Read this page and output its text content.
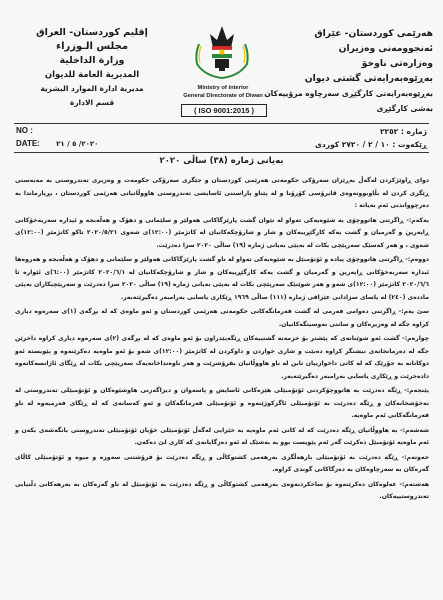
هەرێمی کوردستان- عێراق
ئەنجوومەنی وەزیران
وەزارەتی ناوخۆ
بەڕێوەبەرایەتی گشتی دیوان
بەڕێوەبەرایەتی کارگێڕی سەرچاوە مرۆییەکان
بەشی کارگێڕی
إقليم كوردستان- العراق
مجلس الـوزراء
وزارة الداخلية
المديرية العامة للديوان
مديرية ادارة الموارد البشرية
قسم الادارة
Ministry of interior
General Directorate of Diwan
( ISO 9001:2015 )
NO :
DATE: ٢٠٢٠/ ٥ / ٢١
ژمارە : ٢٢٥٢
ڕێکەوت : ١٠ / ٢ / ٢٧٢٠ کوردی
بەیانی ژمارە (٣٨) ساڵی ٢٠٢٠

دوای ڕاوێژکردن لەگەڵ بەڕێزان سەرۆکی حکومەتی هەرێمی کوردستان و جێگری سەرۆکی حکومەت و وەزیری تەندروستی بە مەبەستی ڕێگری کردن لە بڵاوبوونەوەی ڤایرۆسی کۆرۆنا و لە پێناو پاراستنی ئاسایشی تەندروستی هاووڵاتیانی هەرێمی کوردستان ، بڕیارماندا بە دەرچوواندنی ئەم بەیانە :

یەکەم:- ڕاگرتنی هاتووچۆی بە شێوەیەکی تەواو لە نێوان گشت پارێزگاکانی هەولێر و سلێمانی و دهۆک و هەڵەبجە و ئیدارە سەربەخۆکانی ڕاپەرین و گەرمیان و گشت یەکە کارگێڕییەکان و شار و شارۆچکەکانیان لە کاتژمێر (١٢:٠٠)ی شەوی ٢٠٢٠/٥/٢١ تاکو کاتژمێر (١٢:٠٠)ی شەوی ، و هەر کەسێک سەرپێچی بکات لە بەپێی بەیانی ژمارە (١٩) ساڵی ٢٠٢٠ سزا دەدرێت.

دووەم:- ڕاگرتنی هاتووچۆی پیادە و ئۆتۆمبێل بە شێوەیەکی تەواو لە ناو گشت پارێزگاکانی هەولێر و سلێمانی و دهۆک و هەڵەبجە و هەروەها ئیدارە سەربەخۆکانی ڕاپەرین و گەرمیان و گشت یەکە کارگێڕییەکان و شار و شارۆچکەکانیان لە ٢٠٢٠/٦/١ کاتژمێر (٦:٠٠)ی ئێوارە تا ٢٠٢٠/٦/٦ کاتژمێر (١٢:٠٠)ی شەو و هەر شوێنێک سەرپێچی بکات لە بەپێی بەیانی ژمارە (١٩) ساڵی ٢٠٢٠ سزا دەدرێت و سەرپێچیکاران بەپێی ماددەی (٢٤٠) لە یاسای سزادانی عێراقی ژمارە (١١١) ساڵی ١٩٦٩ ڕێکاری یاسایی بەرامبەر دەگیرێتەبەر.

سێ یەم:- ڕاگرتنی دەوامی فەرمی لە گشت فەرمانگەکانی حکومەتی هەرێمی کوردستان و ئەو ماوەی کە لە بڕگەی (١)ی سەرەوە دیاری کراوە جگە لە وەزیرەکان و سانتی نەوسیتگەکانیان.

چوارەم:- گشت ئەو شوێنانەی کە پێشتر بۆ خزمەتە گشتییەکان ڕێگەپێدراون بۆ ئەو ماوەی کە لە بڕگەی (٢)ی سەرەوە دیاری کراوە داخرێن جگە لە دەرمانخانەی نیشتگر کراوە دەبێت و شاری خواردن و داوکردن لە کاتژمێر (١٢:٠٠)ی شەو بۆ ئەو ماوەیە دەکرێنەوە و پێویستە ئەو دوکانانە بە جۆرێک کە لە کاتی داخوازییان نابن لە ناو هاووڵاتیان بفرۆشرێت و هەر ناوەنداخانەیەک سەرپێچی بکات لە ڕێگای ئاژانسەکانەوە دادەخرێت و ڕێکاری یاسایی بەرامبەر دەگیرێتەبەر.

پێنجەم:- ڕێگە دەدرێت بە هاتووچۆکردنی ئۆتۆمبێلی هێزەکانی ئاسایش و پاسەوان و دیزاگەزنی هاوشێوەکان و ئۆتۆمبێلی تەندروستی لە نەخۆشخانەکان و ڕێگە دەدرێت بە ئۆتۆمبێلی ئاگرکوژێنەوە و ئۆتۆمبێلی فەرمانگەکان و ئەو کەسانەی کە لە ڕێگای فەرمیەوە لە ناو فەرمانگەکانی ئەم ماوەیە.

شەشەم:- بە هاووڵاتیان ڕێگە دەدرێت کە لە کاتی ئەم ماوەیە بە خێرایی لەگەڵ ئۆتۆمبێلی خۆیان ئۆتۆمبێلی تەندروستی بانگەشەی بکەن و ئەم ماوەیە ئۆتۆمبێل دەکرێت گەر ئەم پێویست بوو بە بەشێک لە ئەو دەزگایانەی کە کاری لێ دەکەن.

حەوتەم:- ڕێگە دەدرێت بە ئۆتۆمبێلی بارهەڵگری بەرهەمی کشتوکاڵی و ڕێگە دەدرێت بۆ فرۆشتنی سەوزە و میوە و ئۆتۆمبێلی کاڵای گەرەکان بە سەرچاوەکان بە دەزگاکانی گوندی کراوە.

هەشتەم:- عەلوەکان دەکرێنەوە بۆ ساحکردنەوەی بەرهەمی کشتوکاڵی و ڕێگە دەدرێت بە ئۆتۆمبێل لە ناو گەرەکان بە بەرهەکانی دڵنیایی تەندروستییەکان.
